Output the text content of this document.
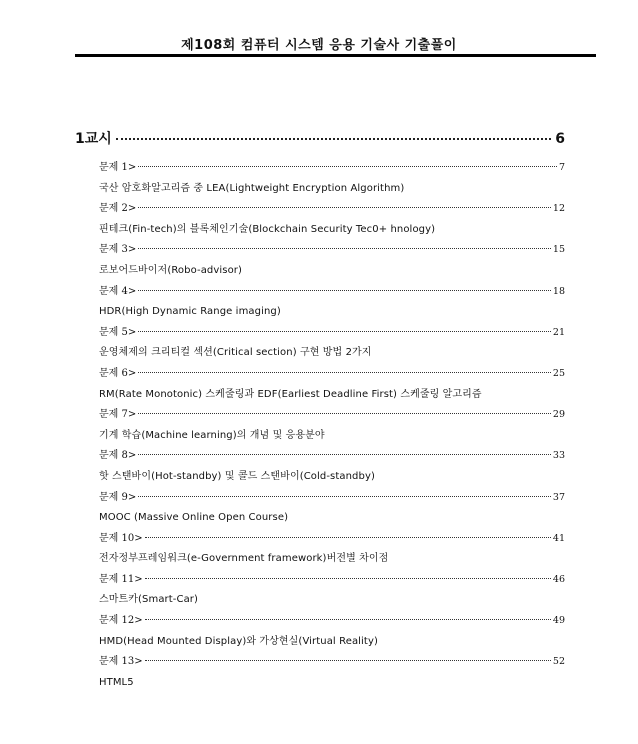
제108회 컴퓨터 시스템 응용 기술사 기출풀이
1교시	6
문제 1>	7
국산 암호화알고리즘 중 LEA(Lightweight Encryption Algorithm)
문제 2>	12
핀테크(Fin-tech)의 블록체인기술(Blockchain Security Tec0+ hnology)
문제 3>	15
로보어드바이저(Robo-advisor)
문제 4>	18
HDR(High Dynamic Range imaging)
문제 5>	21
운영체제의 크리티컬 섹션(Critical section) 구현 방법 2가지
문제 6>	25
RM(Rate Monotonic) 스케줄링과 EDF(Earliest Deadline First) 스케줄링 알고리즘
문제 7>	29
기계 학습(Machine learning)의 개념 및 응용분야
문제 8>	33
핫 스탠바이(Hot-standby) 및 콜드 스탠바이(Cold-standby)
문제 9>	37
MOOC (Massive Online Open Course)
문제 10>	41
전자정부프레임워크(e-Government framework)버전별 차이점
문제 11>	46
스마트카(Smart-Car)
문제 12>	49
HMD(Head Mounted Display)와 가상현실(Virtual Reality)
문제 13>	52
HTML5
